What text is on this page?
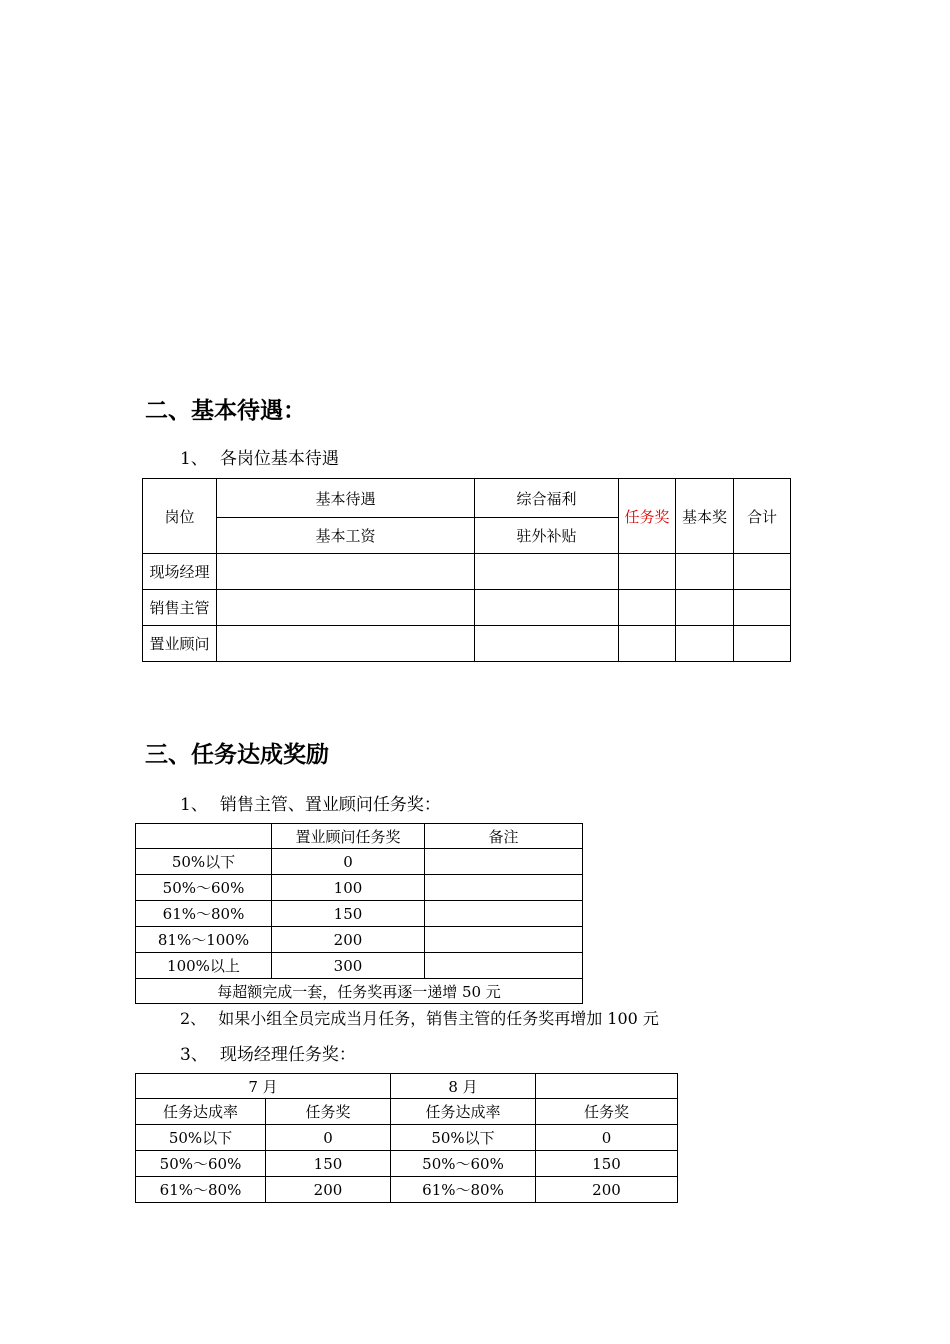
二、基本待遇：
1、 各岗位基本待遇
岗位	基本待遇	综合福利	任务奖	基本奖	合计
	基本工资	驻外补贴			
现场经理					
销售主管					
置业顾问					
三、任务达成奖励
1、 销售主管、置业顾问任务奖：
	置业顾问任务奖	备注
50%以下	0	
50%～60%	100	
61%～80%	150	
81%～100%	200	
100%以上	300	
每超额完成一套，任务奖再逐一递增 50 元		
2、 如果小组全员完成当月任务，销售主管的任务奖再增加 100 元
3、 现场经理任务奖：
7 月		8 月	
任务达成率	任务奖	任务达成率	任务奖
50%以下	0	50%以下	0
50%～60%	150	50%～60%	150
61%～80%	200	61%～80%	200
